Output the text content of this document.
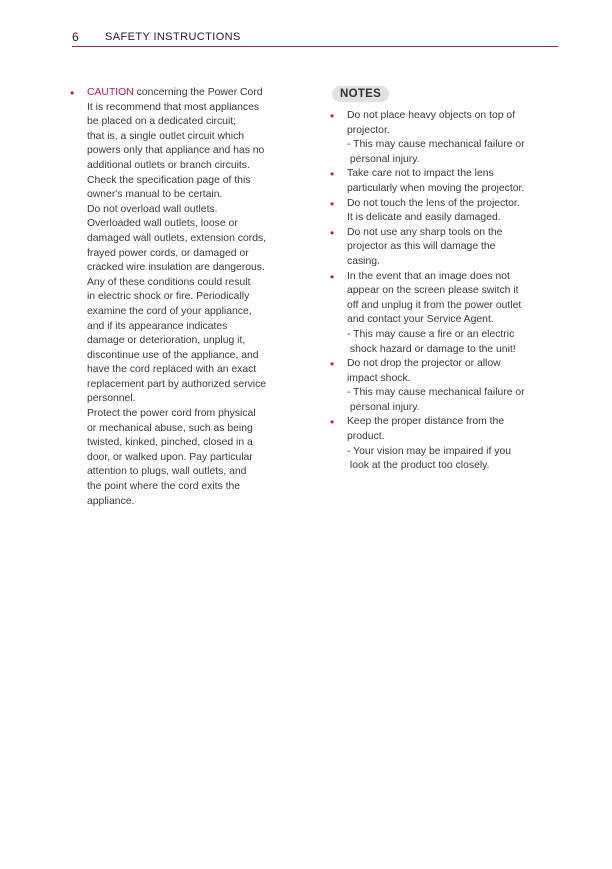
6 SAFETY INSTRUCTIONS
• CAUTION concerning the Power Cord
It is recommend that most appliances
be placed on a dedicated circuit;
that is, a single outlet circuit which
powers only that appliance and has no
additional outlets or branch circuits.
Check the specification page of this
owner's manual to be certain.
Do not overload wall outlets.
Overloaded wall outlets, loose or
damaged wall outlets, extension cords,
frayed power cords, or damaged or
cracked wire insulation are dangerous.
Any of these conditions could result
in electric shock or fire. Periodically
examine the cord of your appliance,
and if its appearance indicates
damage or deterioration, unplug it,
discontinue use of the appliance, and
have the cord replaced with an exact
replacement part by authorized service
personnel.
Protect the power cord from physical
or mechanical abuse, such as being
twisted, kinked, pinched, closed in a
door, or walked upon. Pay particular
attention to plugs, wall outlets, and
the point where the cord exits the
appliance.
NOTES
• Do not place heavy objects on top of
projector.
- This may cause mechanical failure or
personal injury.
• Take care not to impact the lens
particularly when moving the projector.
• Do not touch the lens of the projector.
It is delicate and easily damaged.
• Do not use any sharp tools on the
projector as this will damage the
casing.
• In the event that an image does not
appear on the screen please switch it
off and unplug it from the power outlet
and contact your Service Agent.
- This may cause a fire or an electric
shock hazard or damage to the unit!
• Do not drop the projector or allow
impact shock.
- This may cause mechanical failure or
personal injury.
• Keep the proper distance from the
product.
- Your vision may be impaired if you
look at the product too closely.
